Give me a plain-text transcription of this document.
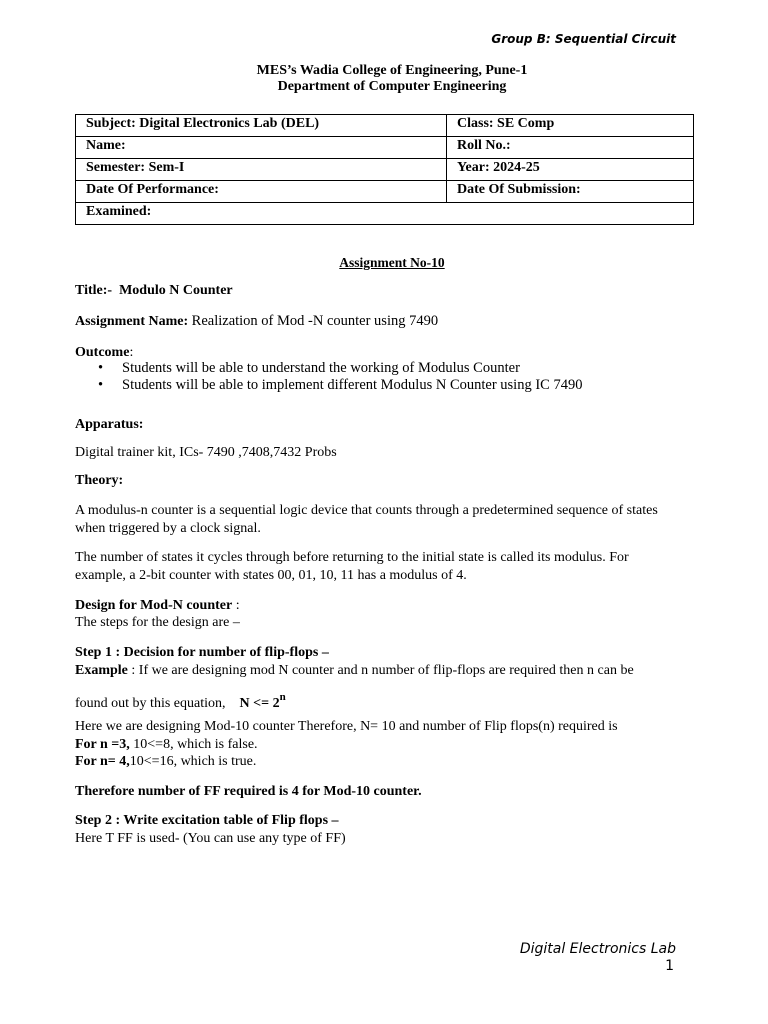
Group B: Sequential Circuit
MES’s Wadia College of Engineering, Pune-1
Department of Computer Engineering
Subject: Digital Electronics Lab (DEL)	Class: SE Comp
Name:	Roll No.:
Semester: Sem-I	Year: 2024-25
Date Of Performance:	Date Of Submission:
Examined:	
Assignment No-10
Title:- Modulo N Counter
Assignment Name: Realization of Mod -N counter using 7490
Outcome:
• Students will be able to understand the working of Modulus Counter
• Students will be able to implement different Modulus N Counter using IC 7490
Apparatus:
Digital trainer kit, ICs- 7490 ,7408,7432 Probs
Theory:
A modulus-n counter is a sequential logic device that counts through a predetermined sequence of states when triggered by a clock signal.
The number of states it cycles through before returning to the initial state is called its modulus. For example, a 2-bit counter with states 00, 01, 10, 11 has a modulus of 4.
Design for Mod-N counter :
The steps for the design are –
Step 1 : Decision for number of flip-flops –
Example : If we are designing mod N counter and n number of flip-flops are required then n can be
found out by this equation, $N <= 2^n$
Here we are designing Mod-10 counter Therefore, N= 10 and number of Flip flops(n) required is
For n =3, 10<=8, which is false.
For n= 4,10<=16, which is true.
Therefore number of FF required is 4 for Mod-10 counter.
Step 2 : Write excitation table of Flip flops –
Here T FF is used- (You can use any type of FF)
Digital Electronics Lab
1
